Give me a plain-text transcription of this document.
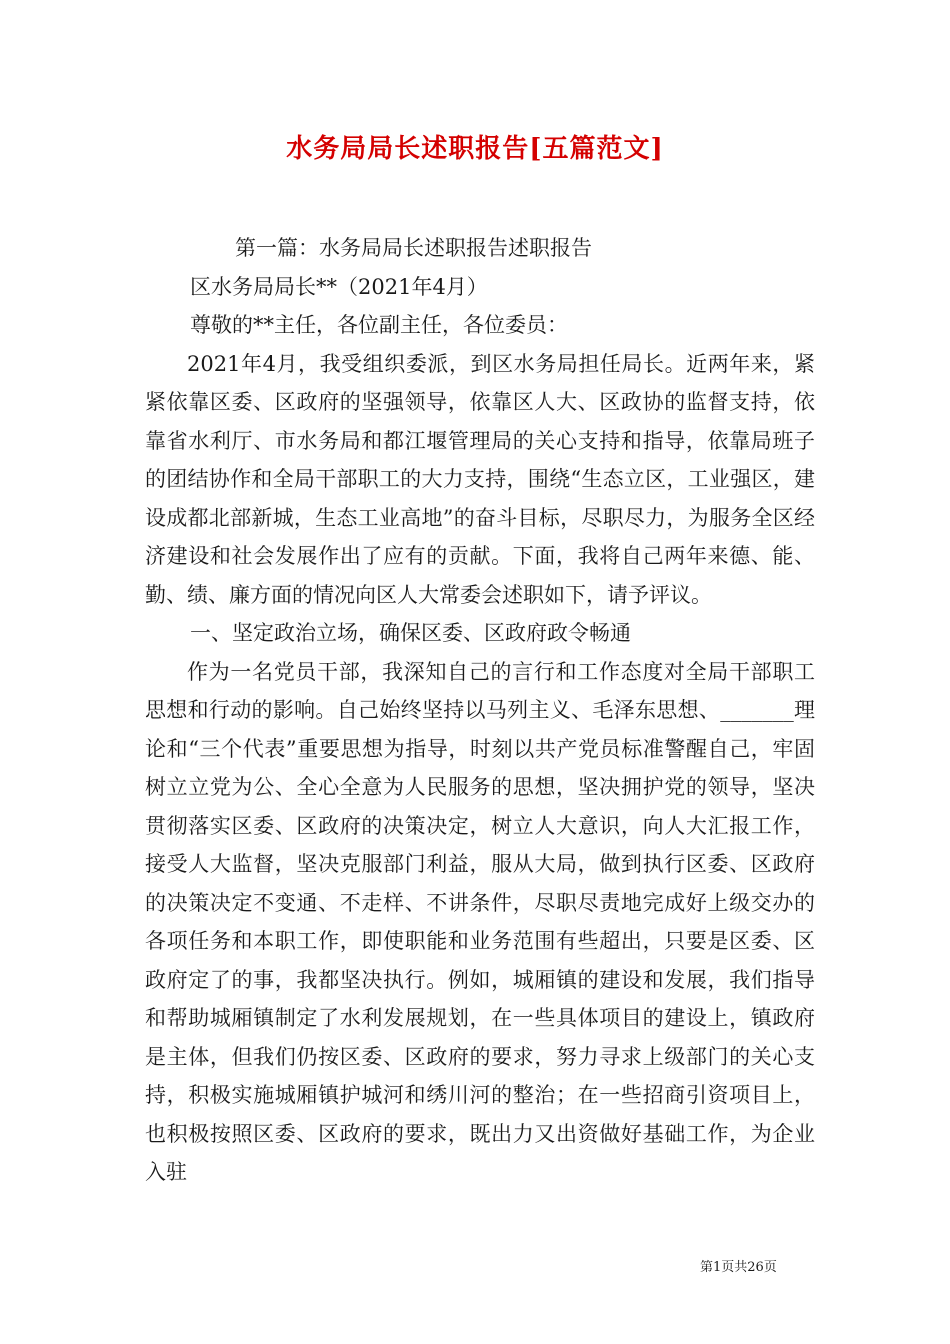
水务局局长述职报告[五篇范文]

第一篇：水务局局长述职报告述职报告

区水务局局长**（2021年4月）

尊敬的**主任，各位副主任，各位委员：

2021年4月，我受组织委派，到区水务局担任局长。近两年来，紧紧依靠区委、区政府的坚强领导，依靠区人大、区政协的监督支持，依靠省水利厅、市水务局和都江堰管理局的关心支持和指导，依靠局班子的团结协作和全局干部职工的大力支持，围绕“生态立区，工业强区，建设成都北部新城，生态工业高地”的奋斗目标，尽职尽力，为服务全区经济建设和社会发展作出了应有的贡献。下面，我将自己两年来德、能、勤、绩、廉方面的情况向区人大常委会述职如下，请予评议。

一、坚定政治立场，确保区委、区政府政令畅通

作为一名党员干部，我深知自己的言行和工作态度对全局干部职工思想和行动的影响。自己始终坚持以马列主义、毛泽东思想、_______理论和“三个代表”重要思想为指导，时刻以共产党员标准警醒自己，牢固树立立党为公、全心全意为人民服务的思想，坚决拥护党的领导，坚决贯彻落实区委、区政府的决策决定，树立人大意识，向人大汇报工作，接受人大监督，坚决克服部门利益，服从大局，做到执行区委、区政府的决策决定不变通、不走样、不讲条件，尽职尽责地完成好上级交办的各项任务和本职工作，即使职能和业务范围有些超出，只要是区委、区政府定了的事，我都坚决执行。例如，城厢镇的建设和发展，我们指导和帮助城厢镇制定了水利发展规划，在一些具体项目的建设上，镇政府是主体，但我们仍按区委、区政府的要求，努力寻求上级部门的关心支持，积极实施城厢镇护城河和绣川河的整治；在一些招商引资项目上，也积极按照区委、区政府的要求，既出力又出资做好基础工作，为企业入驻

第1页共26页
